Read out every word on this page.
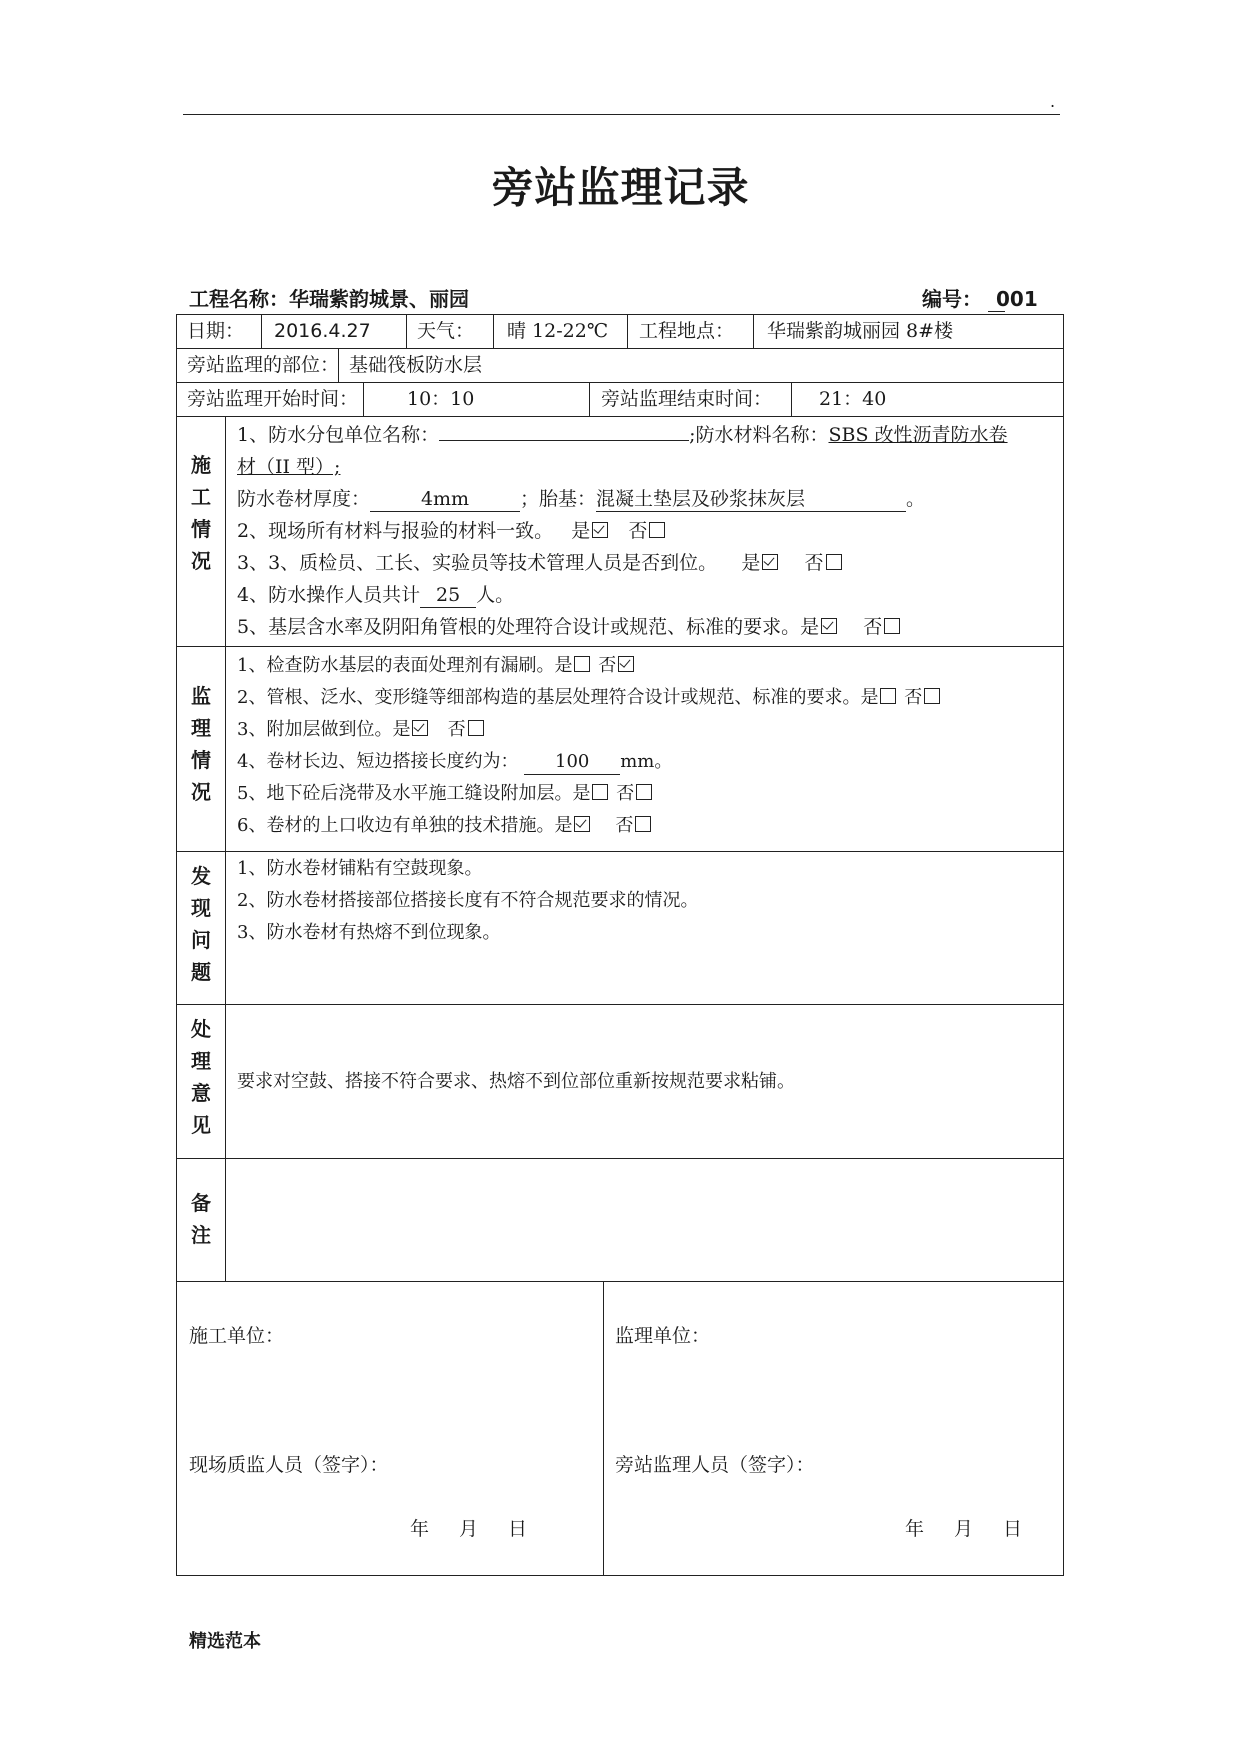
.
旁站监理记录
工程名称：华瑞紫韵城景、丽园	编号： 001
日期： 2016.4.27 天气： 晴 12-22℃ 工程地点： 华瑞紫韵城丽园 8#楼
旁站监理的部位： 基础筏板防水层
旁站监理开始时间：	10：10	旁站监理结束时间： 21：40
施
工
情
况
1、防水分包单位名称：	;防水材料名称：SBS 改性沥青防水卷
材（II 型）;
防水卷材厚度：	4mm	；胎基：混凝土垫层及砂浆抹灰层	。
2、现场所有材料与报验的材料一致。 是 否
3、3、质检员、工长、实验员等技术管理人员是否到位。 是 否
4、防水操作人员共计 25 人。
5、基层含水率及阴阳角管根的处理符合设计或规范、标准的要求。是 否
监
理
情
况
1、检查防水基层的表面处理剂有漏刷。是 否
2、管根、泛水、变形缝等细部构造的基层处理符合设计或规范、标准的要求。是 否
3、附加层做到位。是 否
4、卷材长边、短边搭接长度约为： 100 mm。
5、地下砼后浇带及水平施工缝设附加层。是 否
6、卷材的上口收边有单独的技术措施。是 否
发
现
问
题
1、防水卷材铺粘有空鼓现象。
2、防水卷材搭接部位搭接长度有不符合规范要求的情况。
3、防水卷材有热熔不到位现象。
处
理
意
见
要求对空鼓、搭接不符合要求、热熔不到位部位重新按规范要求粘铺。
备
注
施工单位：
现场质监人员（签字）：
年 月 日
监理单位：
旁站监理人员（签字）：
年 月 日
精选范本
